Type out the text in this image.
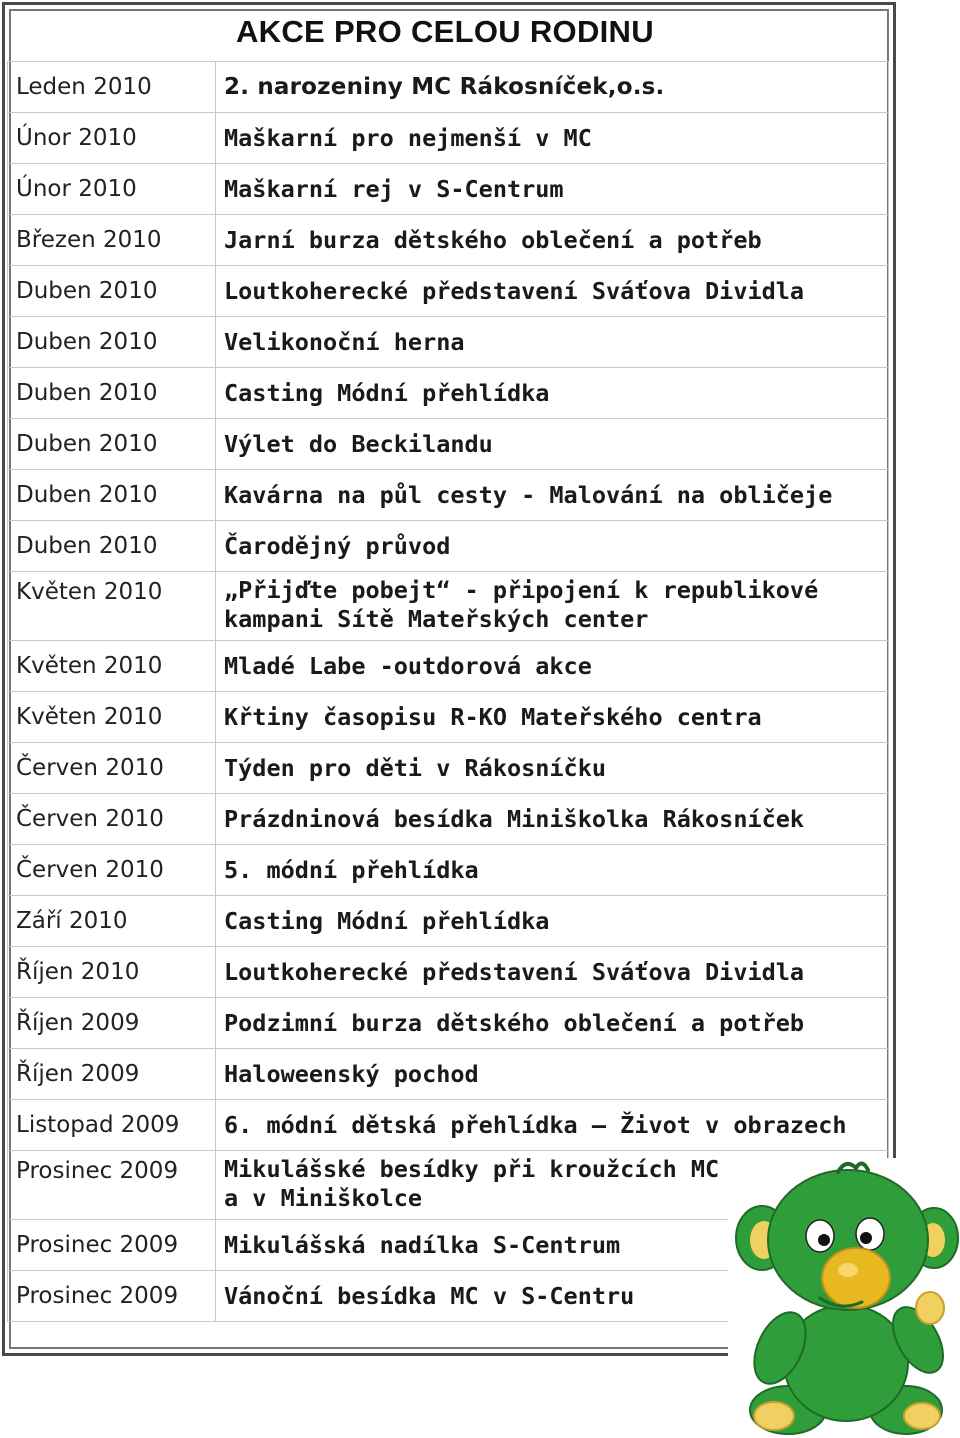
AKCE PRO CELOU RODINU
Leden 2010	2. narozeniny MC Rákosníček,o.s.
Únor 2010	Maškarní pro nejmenší v MC
Únor 2010	Maškarní rej v S-Centrum
Březen 2010	Jarní burza dětského oblečení a potřeb
Duben 2010	Loutkoherecké představení Sváťova Dividla
Duben 2010	Velikonoční herna
Duben 2010	Casting Módní přehlídka
Duben 2010	Výlet do Beckilandu
Duben 2010	Kavárna na půl cesty - Malování na obličeje
Duben 2010	Čarodějný průvod
Květen 2010	„Přijďte pobejt“ - připojení k republikové
kampani Sítě Mateřských center

Květen 2010	Mladé Labe -outdorová akce
Květen 2010	Křtiny časopisu R-KO Mateřského centra
Červen 2010	Týden pro děti v Rákosníčku
Červen 2010	Prázdninová besídka Miniškolka Rákosníček
Červen 2010	5. módní přehlídka
Září 2010	Casting Módní přehlídka
Říjen 2010	Loutkoherecké představení Sváťova Dividla
Říjen 2009	Podzimní burza dětského oblečení a potřeb
Říjen 2009	Haloweenský pochod
Listopad 2009	6. módní dětská přehlídka – Život v obrazech
Prosinec 2009	Mikulášské besídky při kroužcích MC
a v Miniškolce

Prosinec 2009	Mikulášská nadílka S-Centrum
Prosinec 2009	Vánoční besídka MC v S-Centru
